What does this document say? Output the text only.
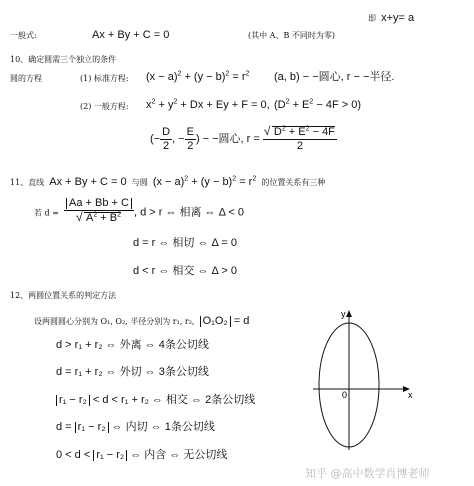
即 x+y= a
一般式:	Ax + By + C = 0	(其中 A、B 不同时为零)
10、确定圆需三个独立的条件
圆的方程	(1) 标准方程: $(x - a)^2 + (y - b)^2 = r^2$ (a, b) − −圆心, r − −半径.
(2) 一般方程: $x^2 + y^2 + Dx + Ey + F = 0$, $(D^2 + E^2 - 4F > 0)$
(− $\frac{D}{2}$ , − $\frac{E}{2}$ ) − −圆心, r =
√ $\frac{D^2 + E^2 - 4F}{2}$
11、直线 Ax + By + C = 0 与圆 $(x - a)^2 + (y - b)^2 = r^2$ 的位置关系有三种
若 d = Aa + Bb + C
√ $A^2 + B^2$ , d > r ⇔ 相离 ⇔ Δ < 0
d = r ⇔ 相切 ⇔ Δ = 0
d < r ⇔ 相交 ⇔ Δ > 0
12、两圆位置关系的判定方法
设两圆圆心分别为 O₁, O₂, 半径分别为 r₁, r₂, O₁O₂ = d
d > r₁ + r₂ ⇔ 外离 ⇔ 4条公切线
d = r₁ + r₂ ⇔ 外切 ⇔ 3条公切线
r₁ − r₂ < d < r₁ + r₂ ⇔ 相交 ⇔ 2条公切线
d = r₁ − r₂ ⇔ 内切 ⇔ 1条公切线
0 < d < r₁ − r₂ ⇔ 内含 ⇔ 无公切线
y
x
0
知乎 @高中数学肖博老师
